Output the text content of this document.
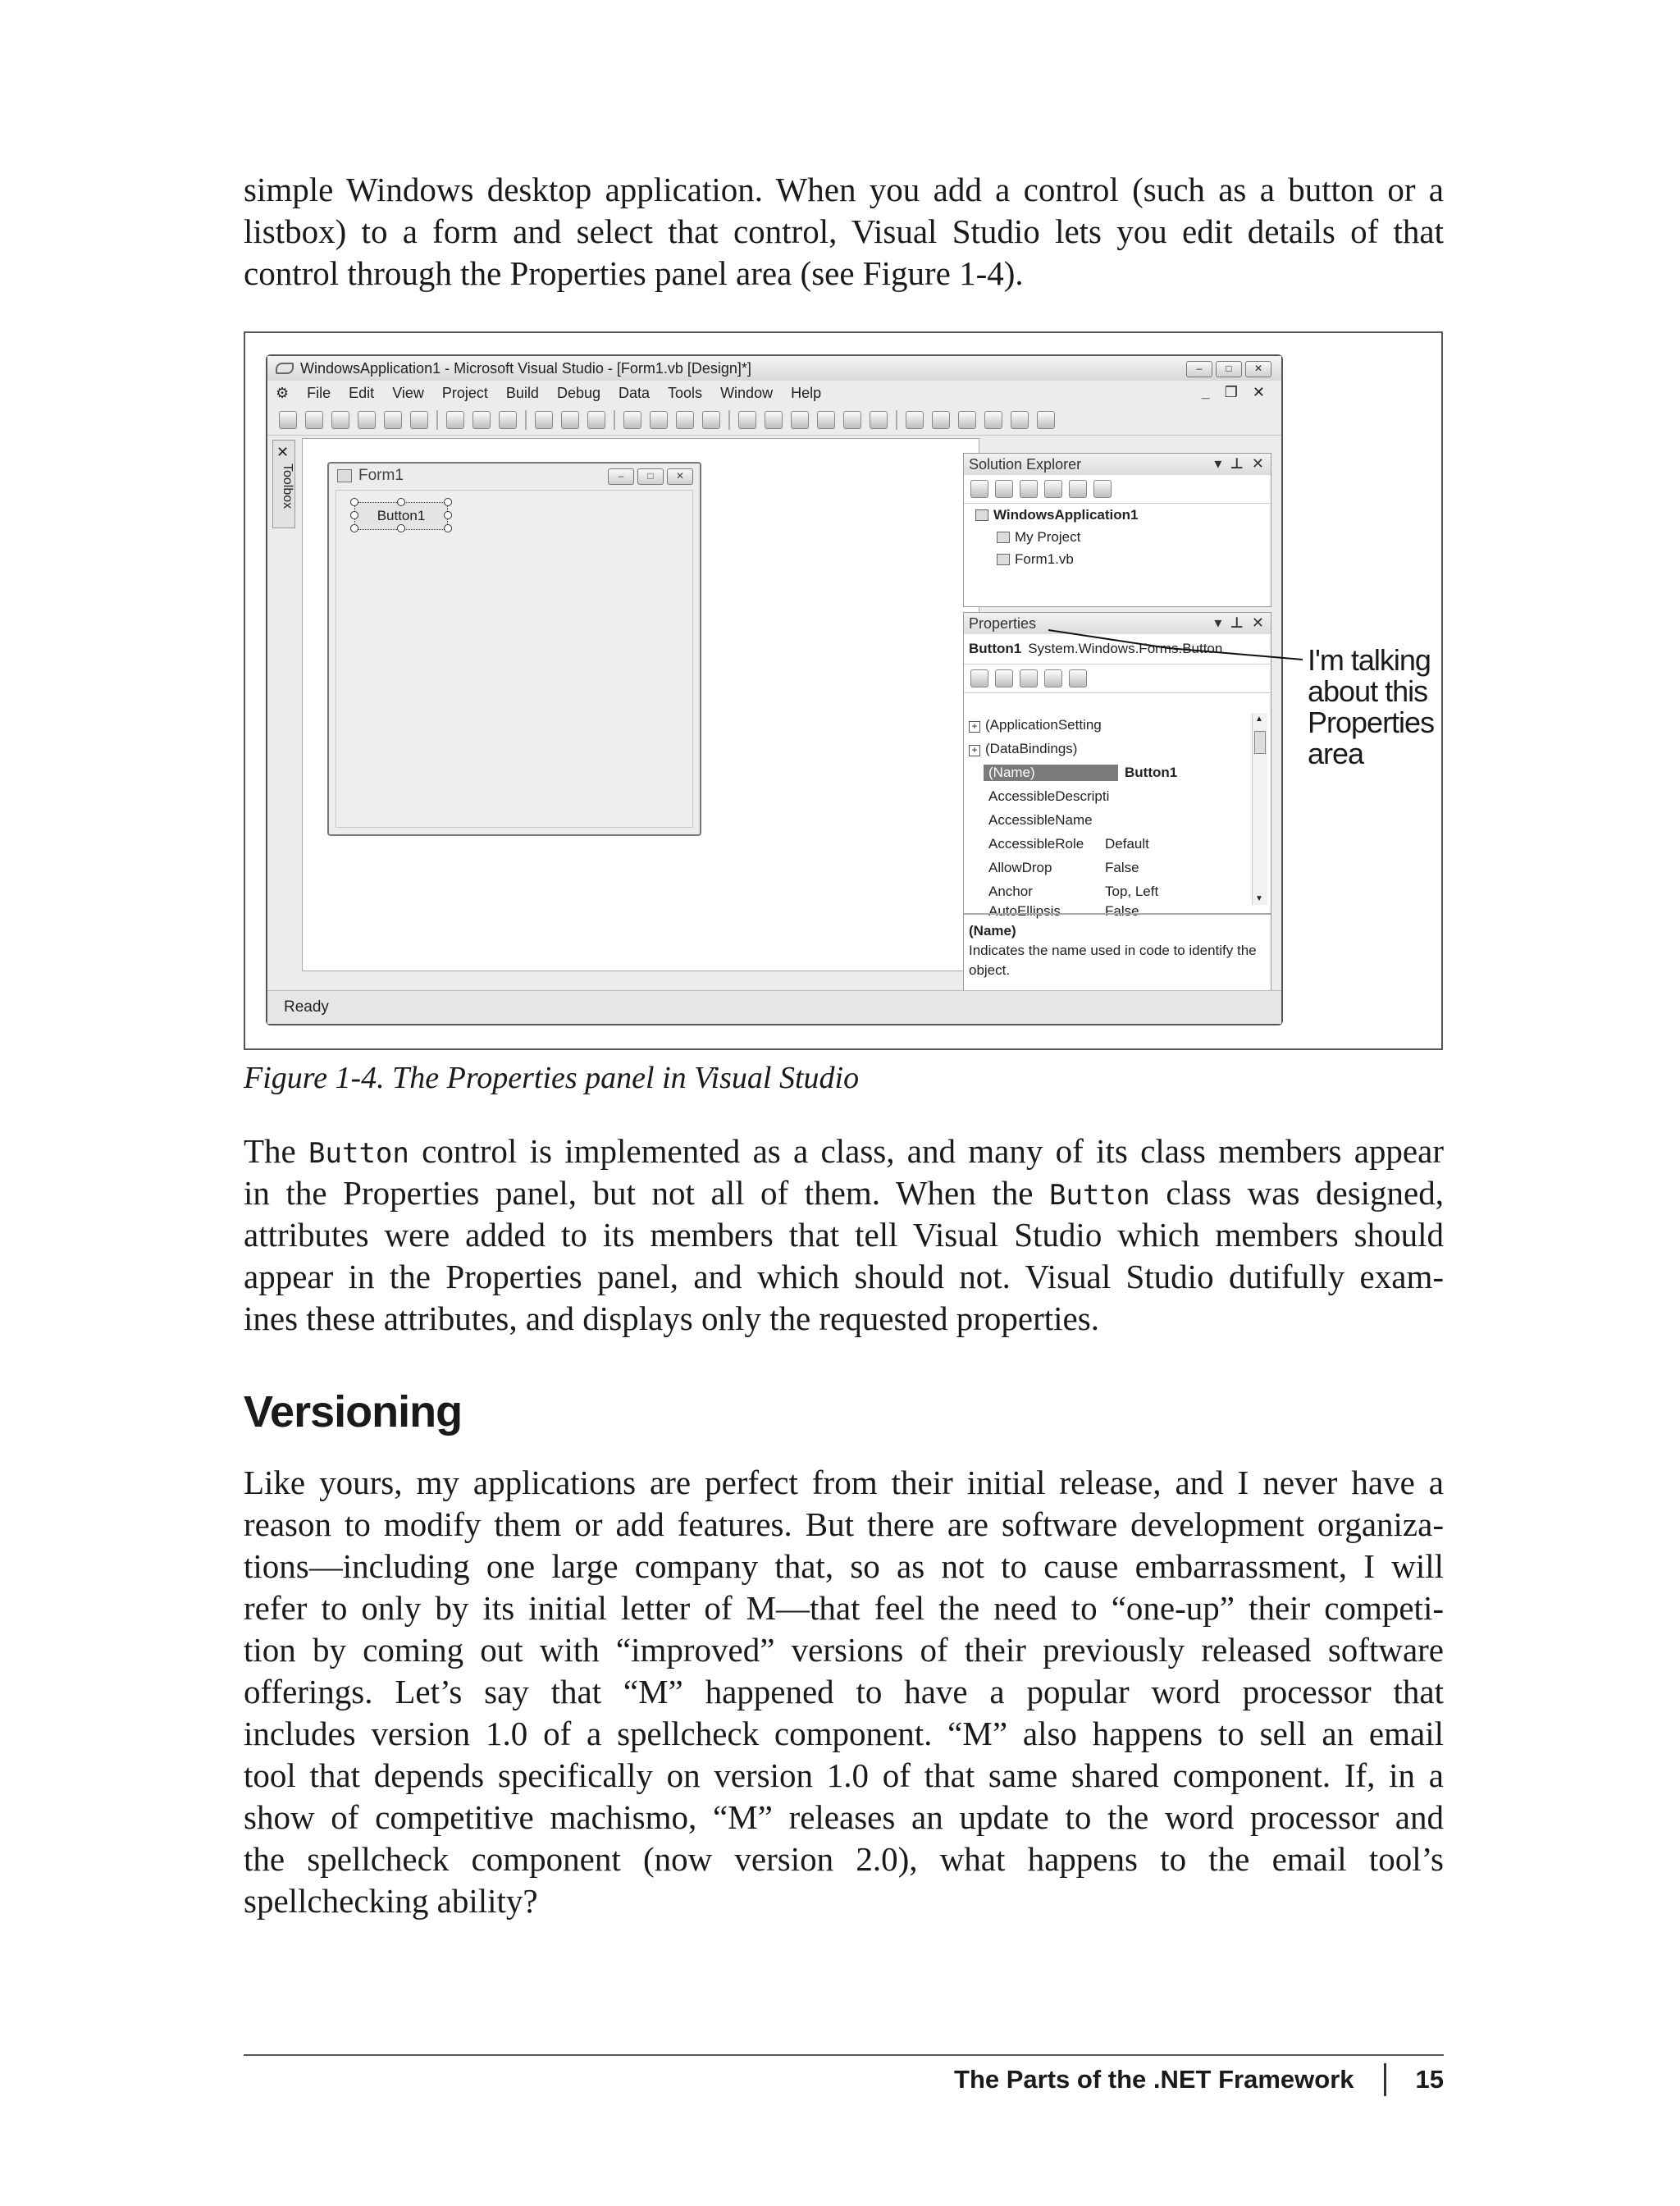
simple Windows desktop application. When you add a control (such as a button or a
listbox) to a form and select that control, Visual Studio lets you edit details of that
control through the Properties panel area (see Figure 1-4).
WindowsApplication1 - Microsoft Visual Studio - [Form1.vb [Design]*]	–	□	✕
⚙ File Edit View Project Build Debug Data Tools Window Help	_ ❐ ✕
✕
Toolbox	Form1	–	□	✕
Button1
Solution Explorer	▾ ⊥ ✕
WindowsApplication1
My Project
Form1.vb
Properties	▾ ⊥ ✕
Button1 System.Windows.Forms.Button
+ (ApplicationSetting
+ (DataBindings)
(Name)	Button1
AccessibleDescripti
AccessibleName
AccessibleRole	Default
AllowDrop	False
Anchor	Top, Left
AutoEllipsis	False
▲
▼
(Name)
Indicates the name used in code to identify the object.
Ready
I'm talking
about this
Properties
area

Figure 1-4. The Properties panel in Visual Studio

The Button control is implemented as a class, and many of its class members appear
in the Properties panel, but not all of them. When the Button class was designed,
attributes were added to its members that tell Visual Studio which members should
appear in the Properties panel, and which should not. Visual Studio dutifully exam-
ines these attributes, and displays only the requested properties.
Versioning
Like yours, my applications are perfect from their initial release, and I never have a
reason to modify them or add features. But there are software development organiza-
tions—including one large company that, so as not to cause embarrassment, I will
refer to only by its initial letter of M—that feel the need to “one-up” their competi-
tion by coming out with “improved” versions of their previously released software
offerings. Let’s say that “M” happened to have a popular word processor that
includes version 1.0 of a spellcheck component. “M” also happens to sell an email
tool that depends specifically on version 1.0 of that same shared component. If, in a
show of competitive machismo, “M” releases an update to the word processor and
the spellcheck component (now version 2.0), what happens to the email tool’s
spellchecking ability?
The Parts of the .NET Framework 15
